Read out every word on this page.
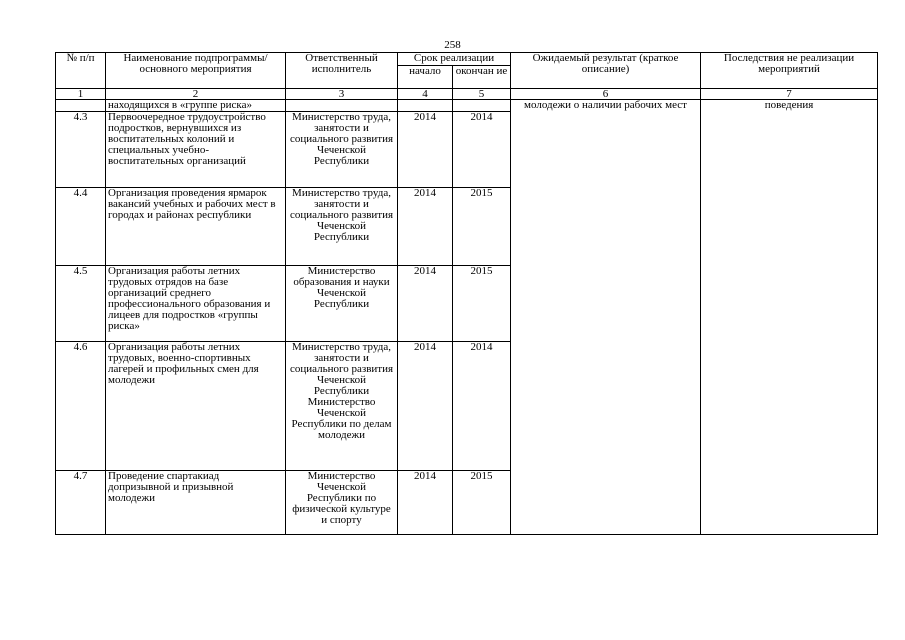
258
№ п/п	Наименование подпрограммы/ основного мероприятия	Ответственный исполнитель	Срок реализации		Ожидаемый результат (краткое описание)	Последствия не реализации мероприятий
			начало	окончан ие		
1	2	3	4	5	6	7
	находящихся в «группе риска»				молодежи о наличии рабочих мест	поведения
4.3	Первоочередное трудоустройство подростков, вернувшихся из воспитательных колоний и специальных учебно-воспитательных организаций	Министерство труда, занятости и социального развития Чеченской Республики	2014	2014		
4.4	Организация проведения ярмарок вакансий учебных и рабочих мест в городах и районах республики	Министерство труда, занятости и социального развития Чеченской Республики	2014	2015		
4.5	Организация работы летних трудовых отрядов на базе организаций среднего профессионального образования и лицеев для подростков «группы риска»	Министерство образования и науки Чеченской Республики	2014	2015		
4.6	Организация работы летних трудовых, военно-спортивных лагерей и профильных смен для молодежи	Министерство труда, занятости и социального развития Чеченской Республики Министерство Чеченской Республики по делам молодежи	2014	2014		
4.7	Проведение спартакиад допризывной и призывной молодежи	Министерство Чеченской Республики по физической культуре и спорту	2014	2015		
